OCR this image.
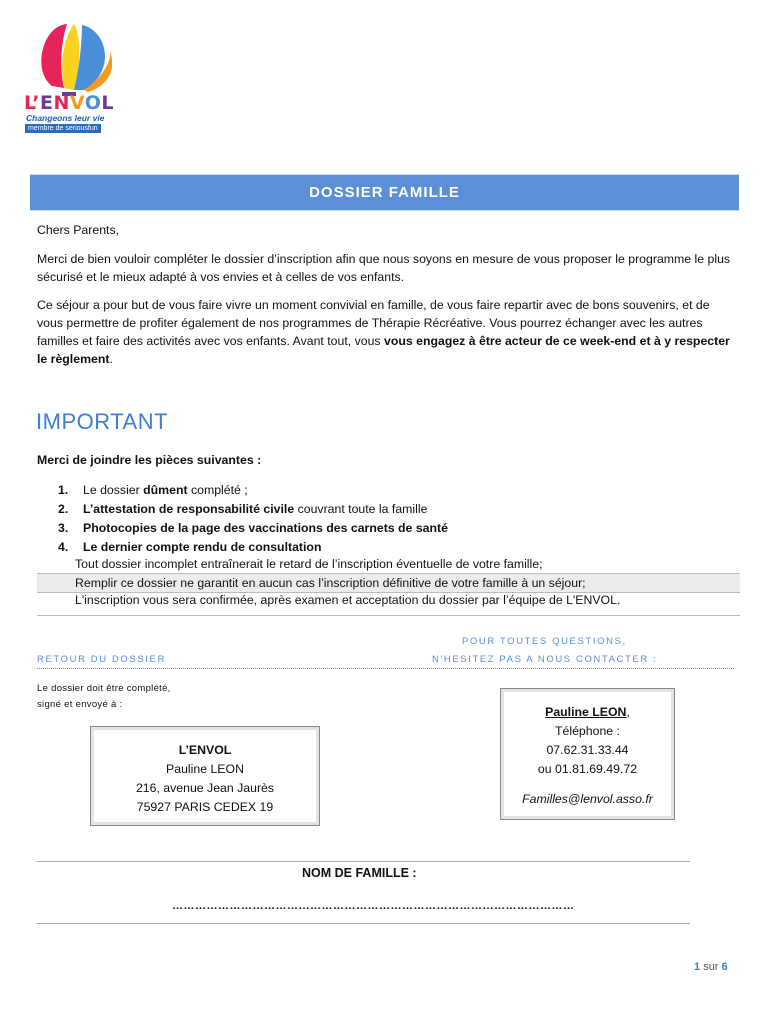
L’ENVOL
Changeons leur vie
membre de seriousfun
DOSSIER FAMILLE
Chers Parents,
Merci de bien vouloir compléter le dossier d’inscription afin que nous soyons en mesure de vous proposer le programme le plus sécurisé et le mieux adapté à vos envies et à celles de vos enfants.
Ce séjour a pour but de vous faire vivre un moment convivial en famille, de vous faire repartir avec de bons souvenirs, et de vous permettre de profiter également de nos programmes de Thérapie Récréative. Vous pourrez échanger avec les autres familles et faire des activités avec vos enfants. Avant tout, vous vous engagez à être acteur de ce week-end et à y respecter le règlement.
IMPORTANT
Merci de joindre les pièces suivantes :
1. Le dossier dûment complété ;
2. L’attestation de responsabilité civile couvrant toute la famille
3. Photocopies de la page des vaccinations des carnets de santé
4. Le dernier compte rendu de consultation
Tout dossier incomplet entraînerait le retard de l’inscription éventuelle de votre famille;
Remplir ce dossier ne garantit en aucun cas l’inscription définitive de votre famille à un séjour;
L'inscription vous sera confirmée, après examen et acceptation du dossier par l’équipe de L'ENVOL.
POUR TOUTES QUESTIONS,
RETOUR DU DOSSIER	N'HESITEZ PAS A NOUS CONTACTER :
Le dossier doit être complété,
signé et envoyé à :
L’ENVOL
Pauline LEON
216, avenue Jean Jaurès
75927 PARIS CEDEX 19
Pauline LEON,
Téléphone :
07.62.31.33.44
ou 01.81.69.49.72
Familles@lenvol.asso.fr
NOM DE FAMILLE :
……………………………………………………………………………………………
1 sur 6
